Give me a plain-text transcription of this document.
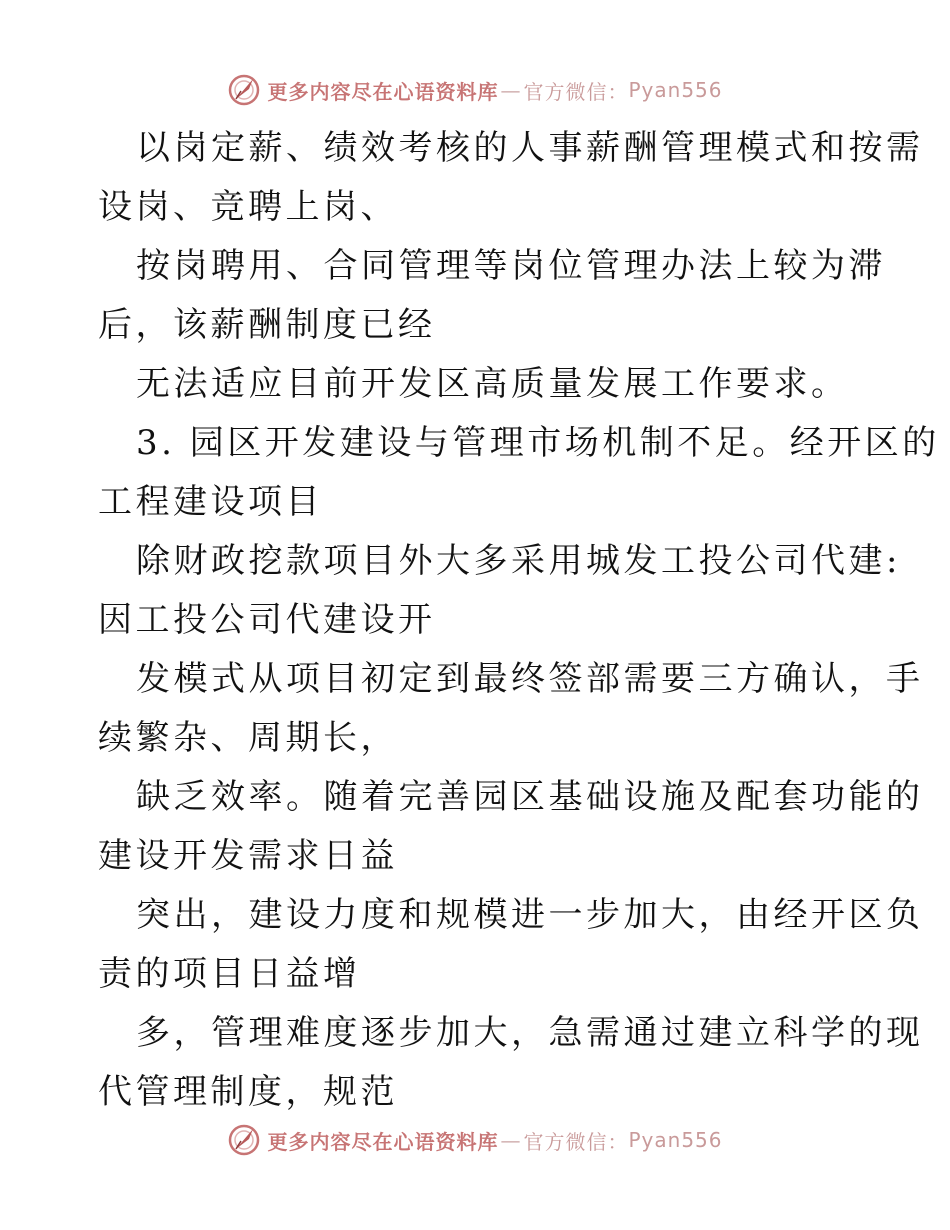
更多内容尽在心语资料库 — 官方微信： Pyan556

以岗定薪、绩效考核的人事薪酬管理模式和按需

设岗、竞聘上岗、

按岗聘用、合同管理等岗位管理办法上较为滞

后，该薪酬制度已经

无法适应目前开发区高质量发展工作要求。

3. 园区开发建设与管理市场机制不足。经开区的

工程建设项目

除财政挖款项目外大多采用城发工投公司代建:

因工投公司代建设开

发模式从项目初定到最终签部需要三方确认，手

续繁杂、周期长，

缺乏效率。随着完善园区基础设施及配套功能的

建设开发需求日益

突出，建设力度和规模进一步加大，由经开区负

责的项目日益增

多，管理难度逐步加大，急需通过建立科学的现

代管理制度，规范

更多内容尽在心语资料库 — 官方微信： Pyan556
